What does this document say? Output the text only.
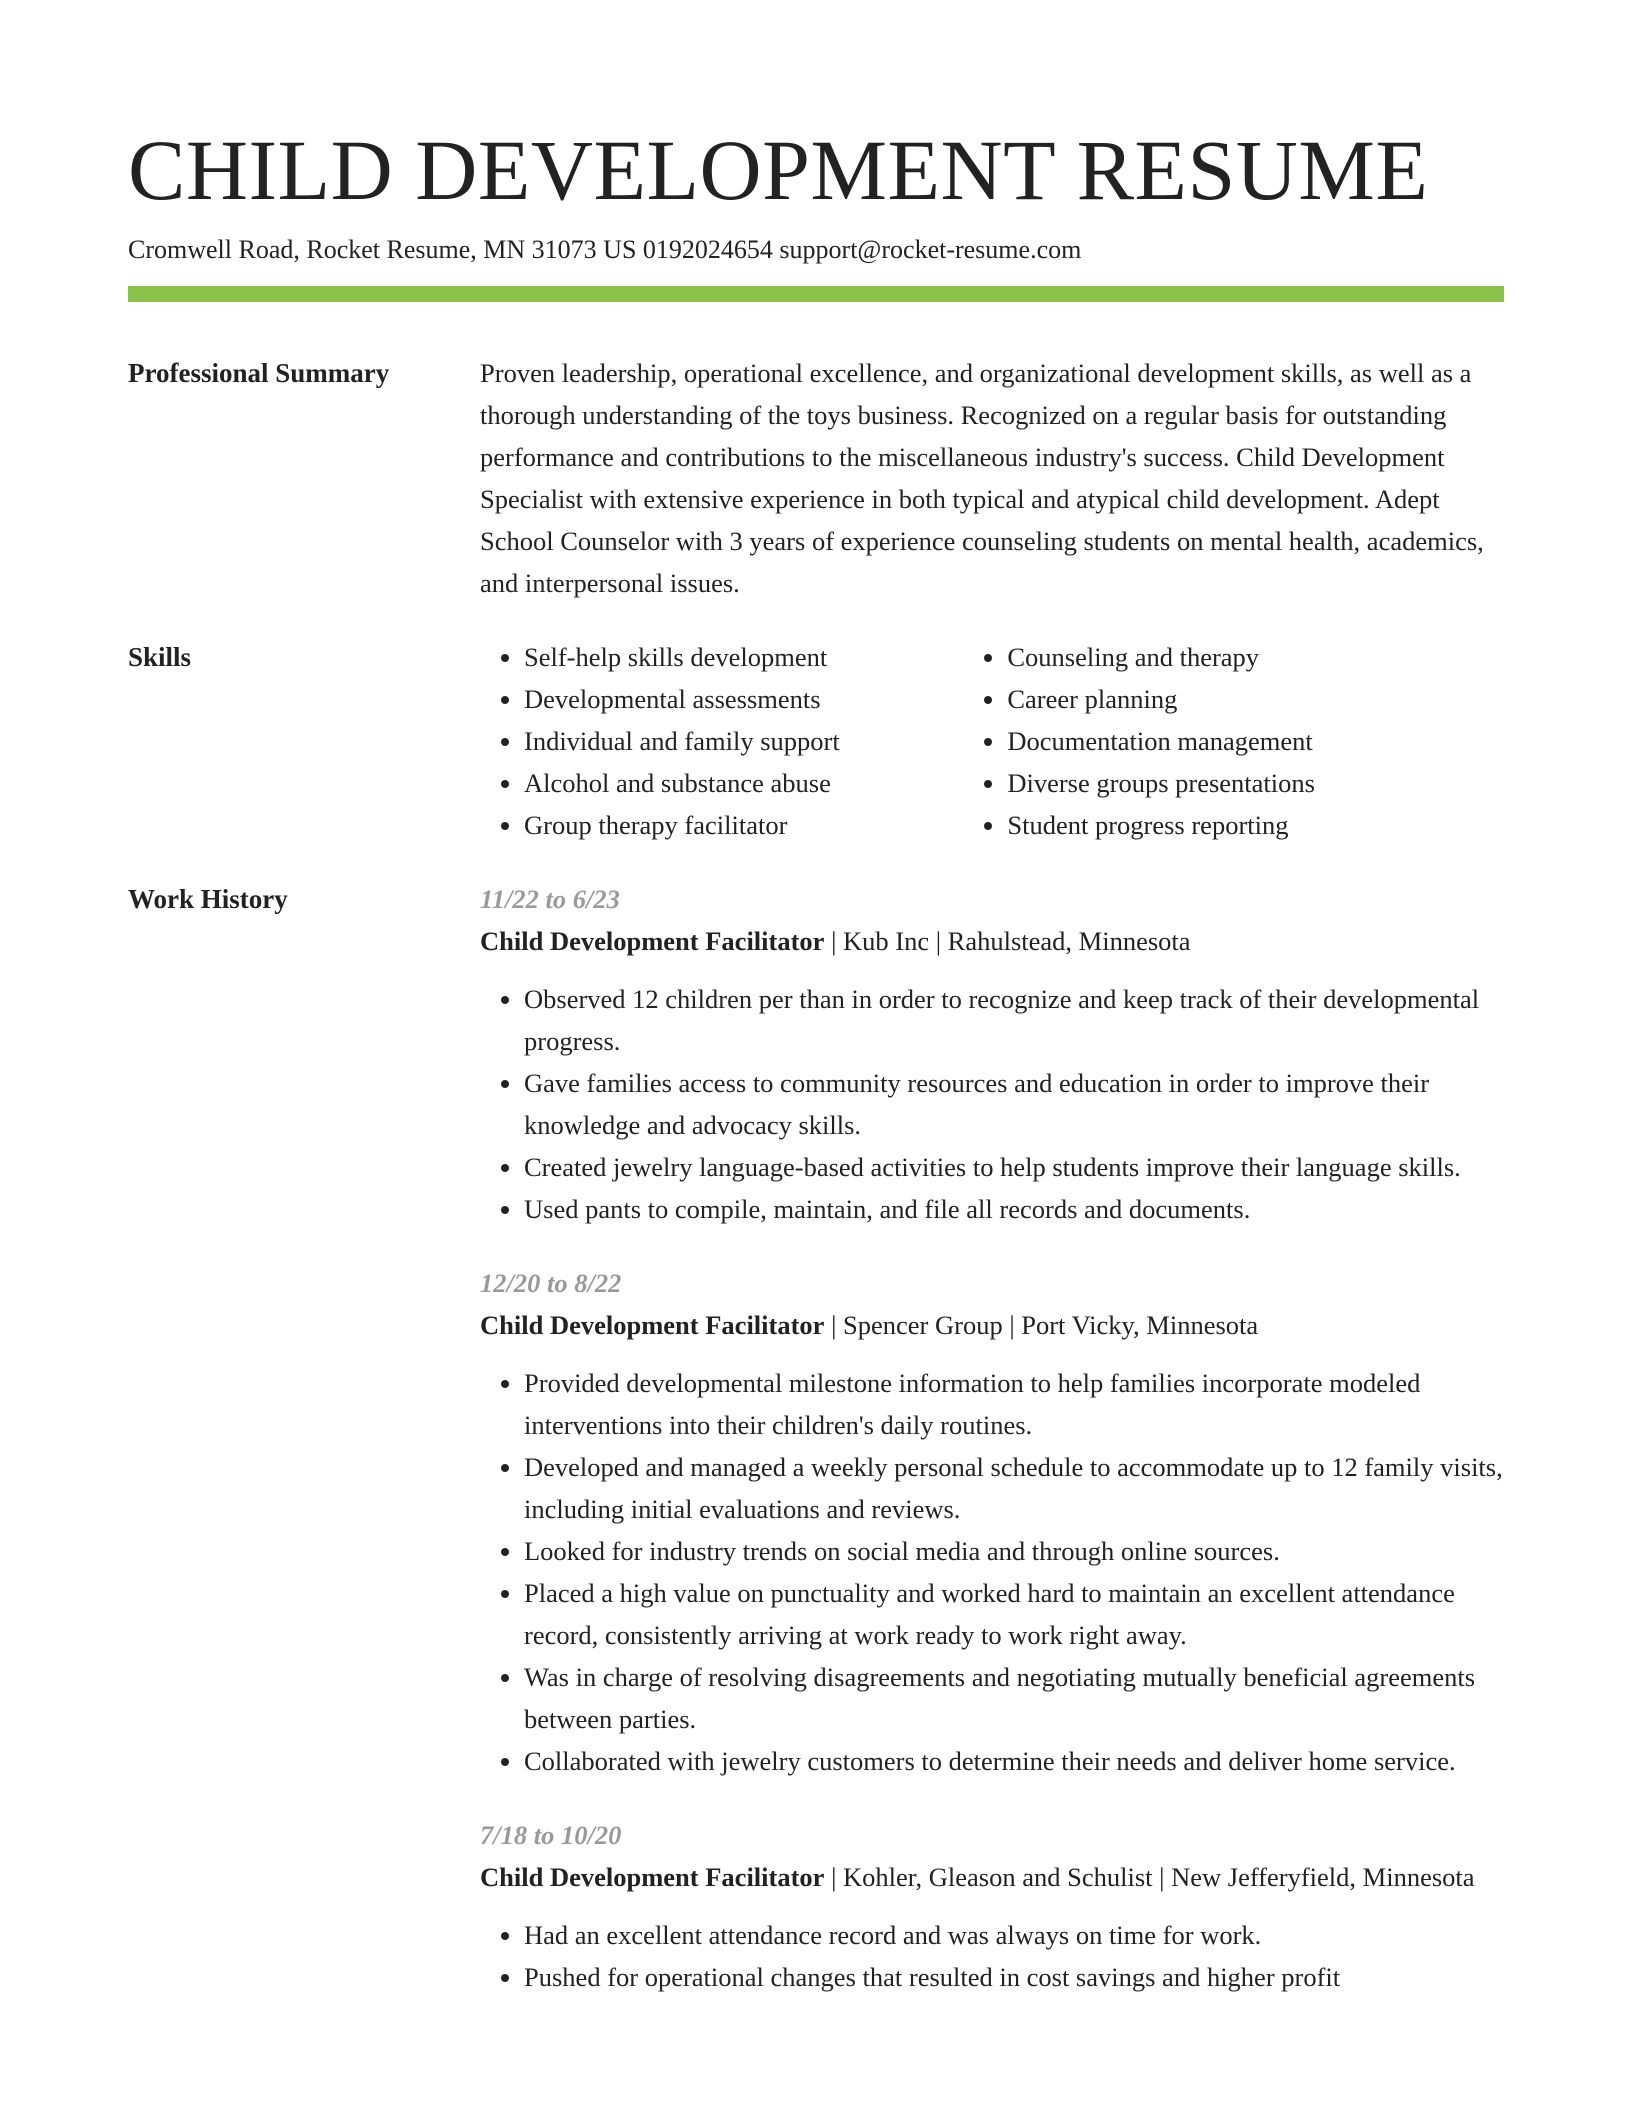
CHILD DEVELOPMENT RESUME
Cromwell Road, Rocket Resume, MN 31073 US 0192024654 support@rocket-resume.com
Professional Summary	Proven leadership, operational excellence, and organizational development skills, as well as a thorough understanding of the toys business. Recognized on a regular basis for outstanding performance and contributions to the miscellaneous industry's success. Child Development Specialist with extensive experience in both typical and atypical child development. Adept School Counselor with 3 years of experience counseling students on mental health, academics, and interpersonal issues.
Skills
•	Self-help skills development
• Developmental assessments
• Individual and family support
• Alcohol and substance abuse
• Group therapy facilitator
• Counseling and therapy
• Career planning
• Documentation management
• Diverse groups presentations
• Student progress reporting
Work History	11/22 to 6/23
Child Development Facilitator | Kub Inc | Rahulstead, Minnesota
• Observed 12 children per than in order to recognize and keep track of their developmental progress.
• Gave families access to community resources and education in order to improve their knowledge and advocacy skills.
• Created jewelry language-based activities to help students improve their language skills.
• Used pants to compile, maintain, and file all records and documents.
12/20 to 8/22
Child Development Facilitator | Spencer Group | Port Vicky, Minnesota
• Provided developmental milestone information to help families incorporate modeled interventions into their children's daily routines.
• Developed and managed a weekly personal schedule to accommodate up to 12 family visits, including initial evaluations and reviews.
• Looked for industry trends on social media and through online sources.
• Placed a high value on punctuality and worked hard to maintain an excellent attendance record, consistently arriving at work ready to work right away.
• Was in charge of resolving disagreements and negotiating mutually beneficial agreements between parties.
• Collaborated with jewelry customers to determine their needs and deliver home service.
7/18 to 10/20
Child Development Facilitator | Kohler, Gleason and Schulist | New Jefferyfield, Minnesota
• Had an excellent attendance record and was always on time for work.
• Pushed for operational changes that resulted in cost savings and higher profit
